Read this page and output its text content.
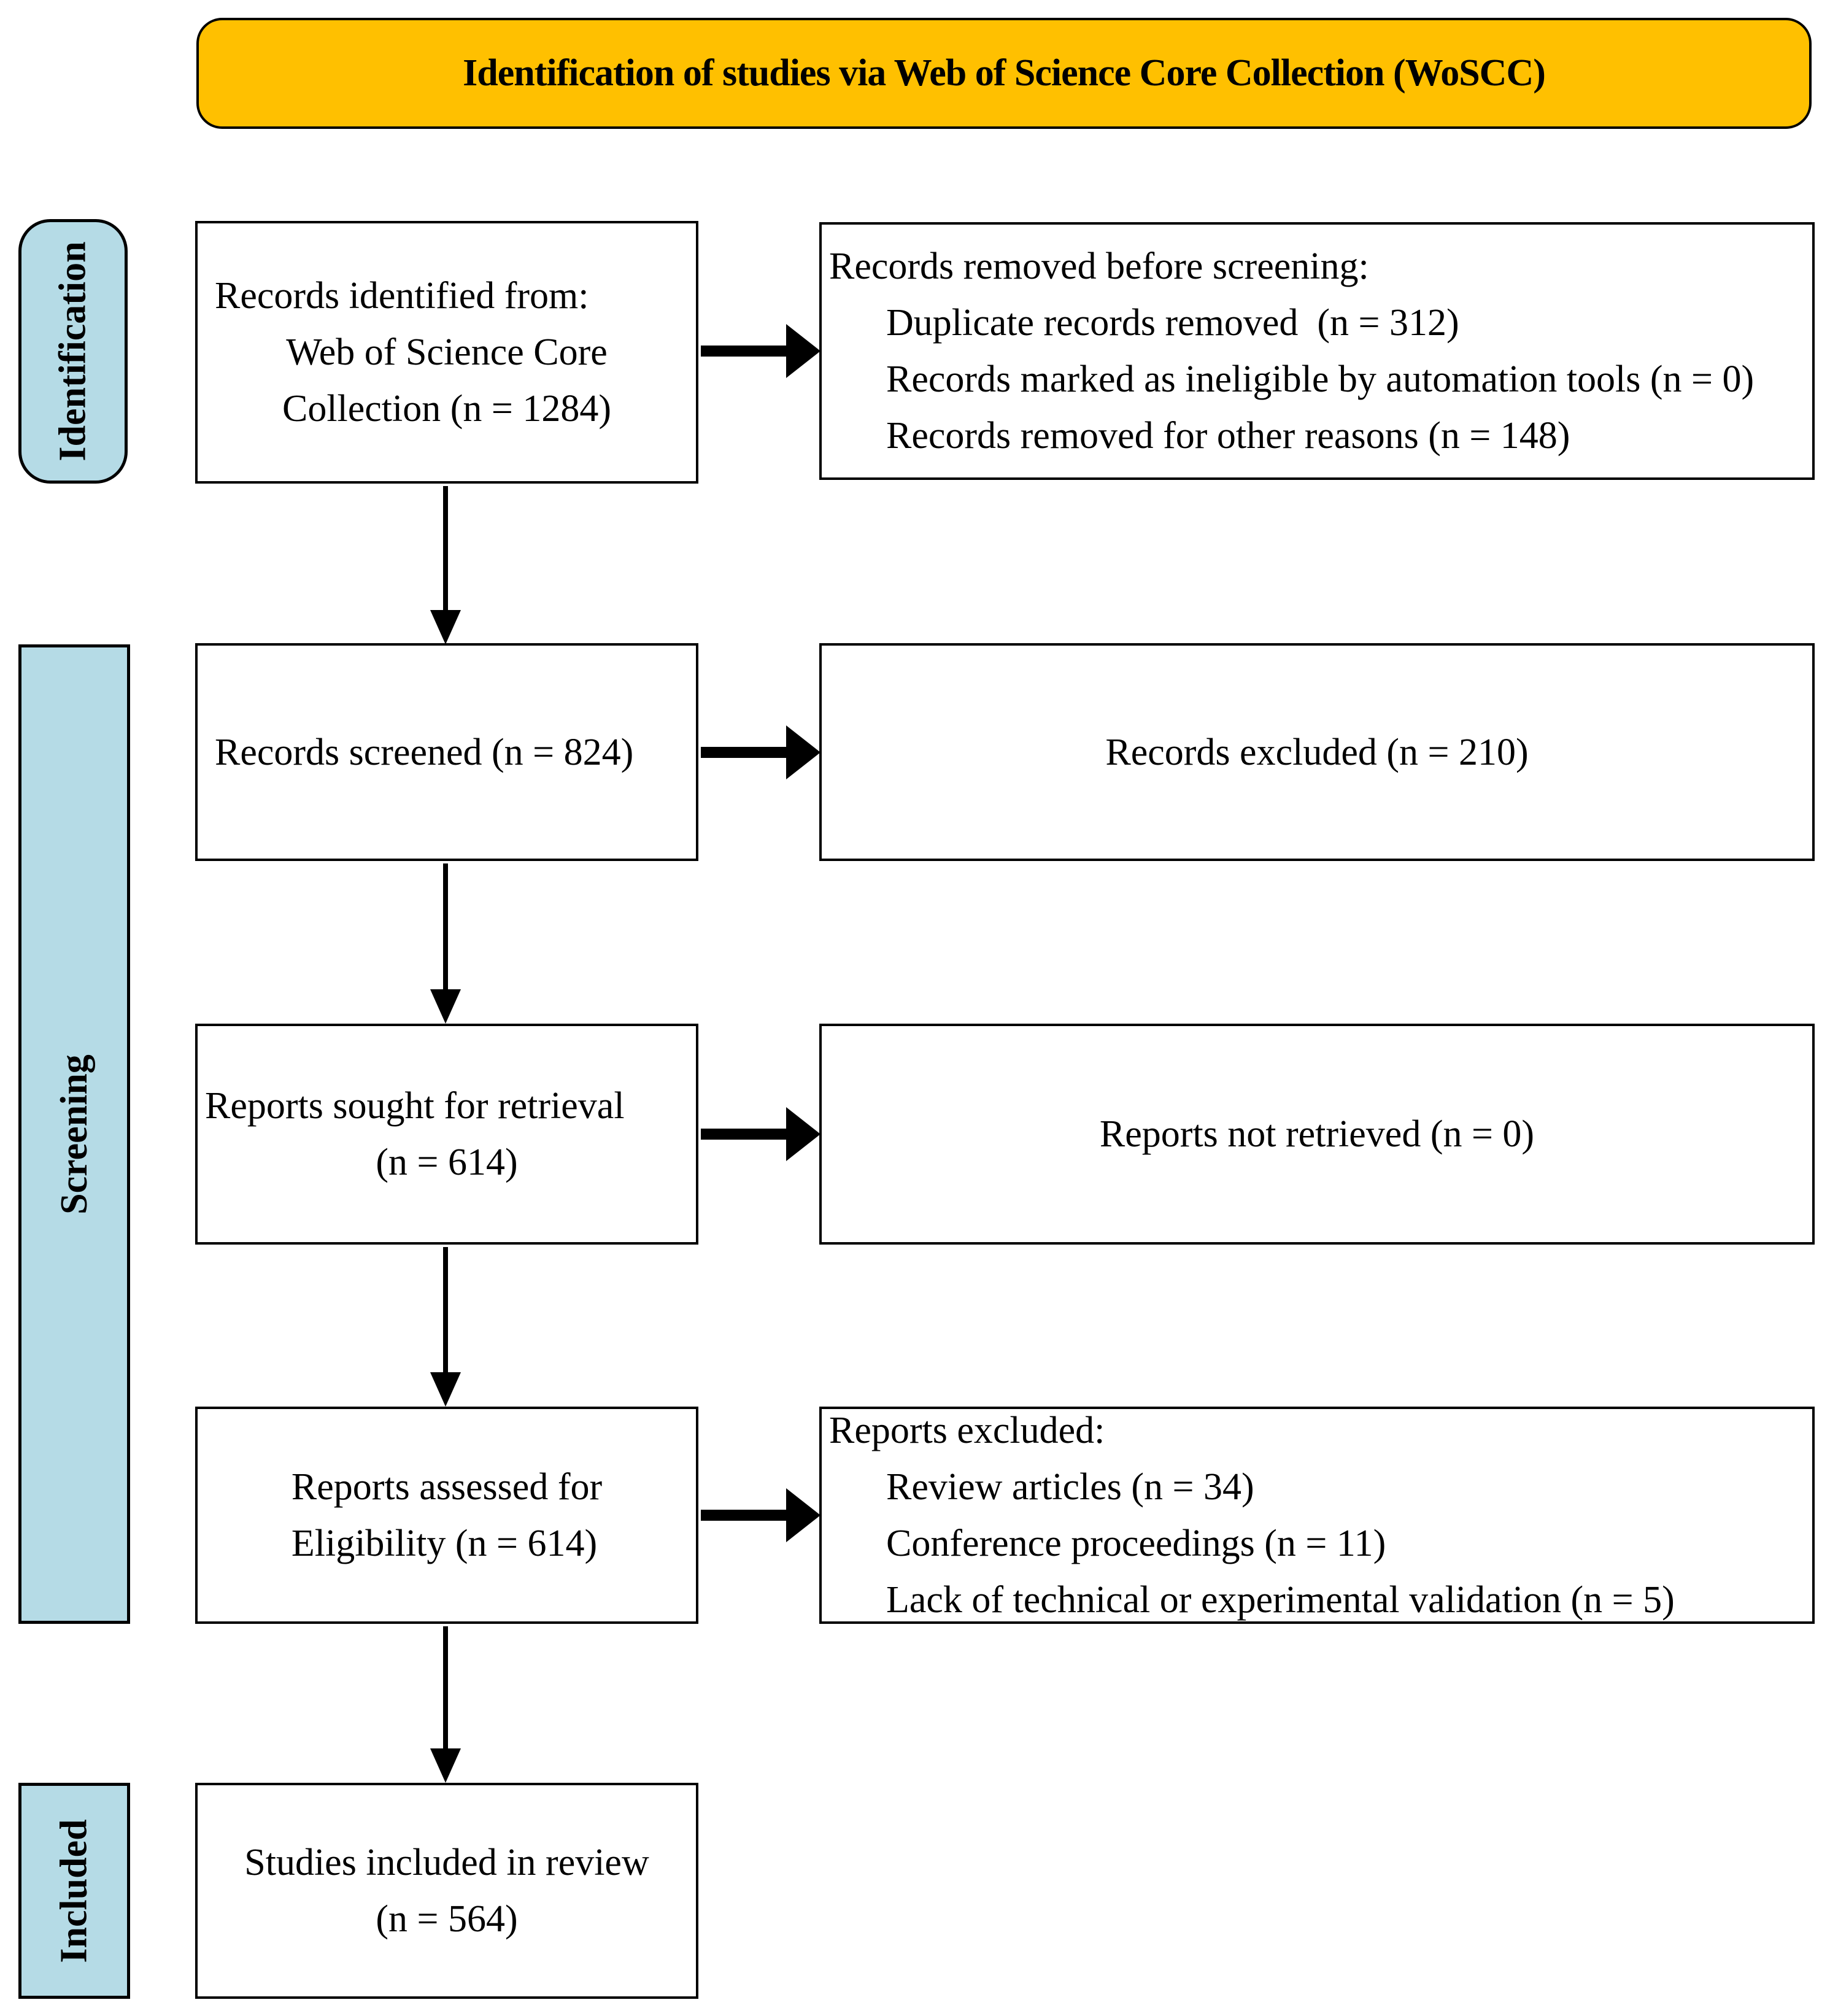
Identification of studies via Web of Science Core Collection (WoSCC)
Identification
Screening
Included
Records identified from:
Web of Science Core
Collection (n = 1284)
Records removed before screening:
Duplicate records removed  (n = 312)
Records marked as ineligible by automation tools (n = 0)
Records removed for other reasons (n = 148)
Records screened (n = 824)	Records excluded (n = 210)
Reports sought for retrieval
(n = 614)
Reports not retrieved (n = 0)
Reports assessed for
Eligibility (n = 614)
Reports excluded:
Review articles (n = 34)
Conference proceedings (n = 11)
Lack of technical or experimental validation (n = 5)
Studies included in review
(n = 564)
